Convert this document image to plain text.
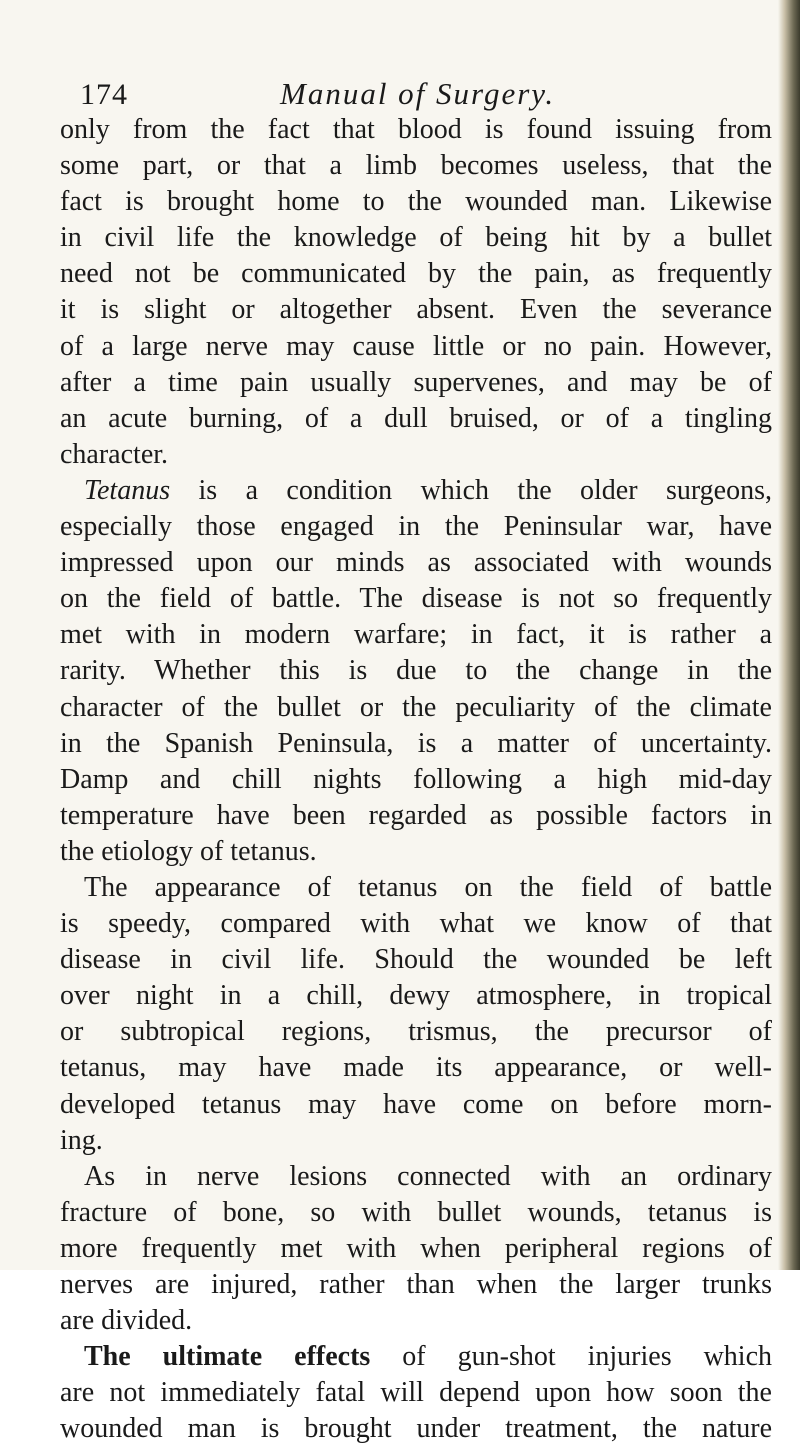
174	Manual of Surgery.
only from the fact that blood is found issuing from
some part, or that a limb becomes useless, that the
fact is brought home to the wounded man. Likewise
in civil life the knowledge of being hit by a bullet
need not be communicated by the pain, as frequently
it is slight or altogether absent. Even the severance
of a large nerve may cause little or no pain. However,
after a time pain usually supervenes, and may be of
an acute burning, of a dull bruised, or of a tingling
character.
Tetanus is a condition which the older surgeons,
especially those engaged in the Peninsular war, have
impressed upon our minds as associated with wounds
on the field of battle. The disease is not so frequently
met with in modern warfare; in fact, it is rather a
rarity. Whether this is due to the change in the
character of the bullet or the peculiarity of the climate
in the Spanish Peninsula, is a matter of uncertainty.
Damp and chill nights following a high mid-day
temperature have been regarded as possible factors in
the etiology of tetanus.
The appearance of tetanus on the field of battle
is speedy, compared with what we know of that
disease in civil life. Should the wounded be left
over night in a chill, dewy atmosphere, in tropical
or subtropical regions, trismus, the precursor of
tetanus, may have made its appearance, or well-
developed tetanus may have come on before morn-
ing.
As in nerve lesions connected with an ordinary
fracture of bone, so with bullet wounds, tetanus is
more frequently met with when peripheral regions of
nerves are injured, rather than when the larger trunks
are divided.
The ultimate effects of gun-shot injuries which
are not immediately fatal will depend upon how soon the
wounded man is brought under treatment, the nature
